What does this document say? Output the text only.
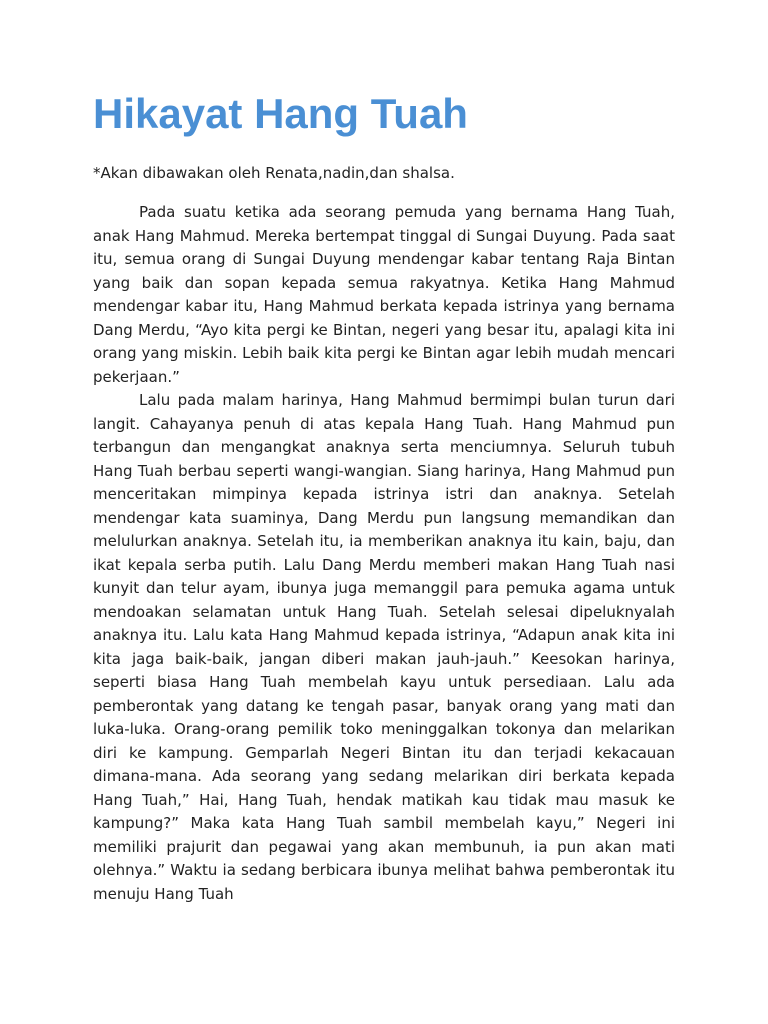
Hikayat Hang Tuah

*Akan dibawakan oleh Renata,nadin,dan shalsa.

Pada suatu ketika ada seorang pemuda yang bernama Hang Tuah, anak Hang Mahmud. Mereka bertempat tinggal di Sungai Duyung. Pada saat itu, semua orang di Sungai Duyung mendengar kabar tentang Raja Bintan yang baik dan sopan kepada semua rakyatnya. Ketika Hang Mahmud mendengar kabar itu, Hang Mahmud berkata kepada istrinya yang bernama Dang Merdu, “Ayo kita pergi ke Bintan, negeri yang besar itu, apalagi kita ini orang yang miskin. Lebih baik kita pergi ke Bintan agar lebih mudah mencari pekerjaan.”

Lalu pada malam harinya, Hang Mahmud bermimpi bulan turun dari langit. Cahayanya penuh di atas kepala Hang Tuah. Hang Mahmud pun terbangun dan mengangkat anaknya serta menciumnya. Seluruh tubuh Hang Tuah berbau seperti wangi-wangian. Siang harinya, Hang Mahmud pun menceritakan mimpinya kepada istrinya istri dan anaknya. Setelah mendengar kata suaminya, Dang Merdu pun langsung memandikan dan melulurkan anaknya. Setelah itu, ia memberikan anaknya itu kain, baju, dan ikat kepala serba putih. Lalu Dang Merdu memberi makan Hang Tuah nasi kunyit dan telur ayam, ibunya juga memanggil para pemuka agama untuk mendoakan selamatan untuk Hang Tuah. Setelah selesai dipeluknyalah anaknya itu. Lalu kata Hang Mahmud kepada istrinya, “Adapun anak kita ini kita jaga baik-baik, jangan diberi makan jauh-jauh.” Keesokan harinya, seperti biasa Hang Tuah membelah kayu untuk persediaan. Lalu ada pemberontak yang datang ke tengah pasar, banyak orang yang mati dan luka-luka. Orang-orang pemilik toko meninggalkan tokonya dan melarikan diri ke kampung. Gemparlah Negeri Bintan itu dan terjadi kekacauan dimana-mana. Ada seorang yang sedang melarikan diri berkata kepada Hang Tuah,” Hai, Hang Tuah, hendak matikah kau tidak mau masuk ke kampung?” Maka kata Hang Tuah sambil membelah kayu,” Negeri ini memiliki prajurit dan pegawai yang akan membunuh, ia pun akan mati olehnya.” Waktu ia sedang berbicara ibunya melihat bahwa pemberontak itu menuju Hang Tuah
